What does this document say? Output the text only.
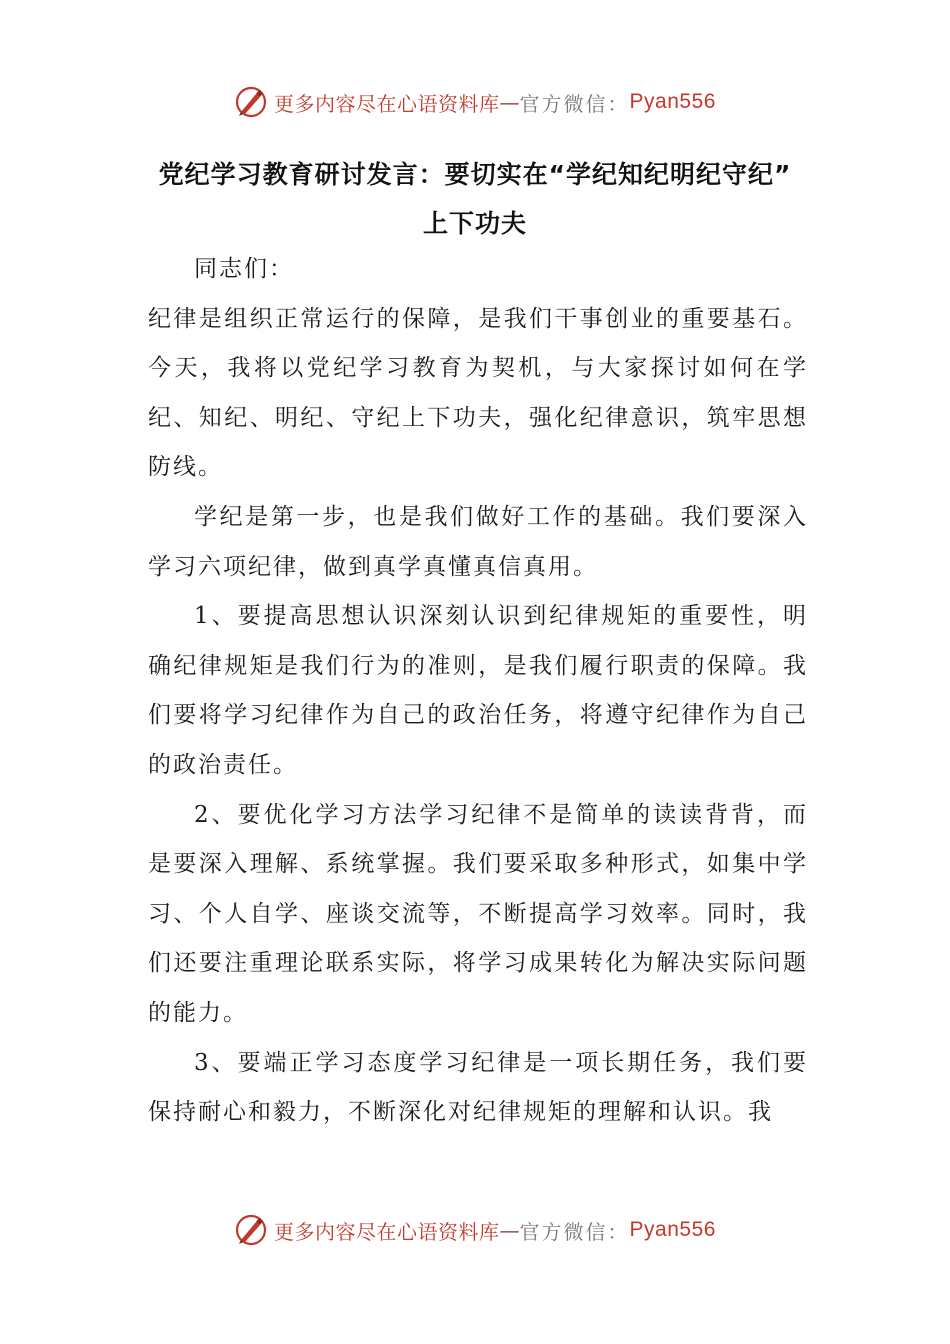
更多内容尽在心语资料库 — 官方微信： Pyan556
党纪学习教育研讨发言：要切实在“学纪知纪明纪守纪”
上下功夫

同志们：

纪律是组织正常运行的保障，是我们干事创业的重要基石。今天，我将以党纪学习教育为契机，与大家探讨如何在学纪、知纪、明纪、守纪上下功夫，强化纪律意识，筑牢思想防线。

学纪是第一步，也是我们做好工作的基础。我们要深入学习六项纪律，做到真学真懂真信真用。

1、要提高思想认识深刻认识到纪律规矩的重要性，明确纪律规矩是我们行为的准则，是我们履行职责的保障。我们要将学习纪律作为自己的政治任务，将遵守纪律作为自己的政治责任。

2、要优化学习方法学习纪律不是简单的读读背背，而是要深入理解、系统掌握。我们要采取多种形式，如集中学习、个人自学、座谈交流等，不断提高学习效率。同时，我们还要注重理论联系实际，将学习成果转化为解决实际问题的能力。

3、要端正学习态度学习纪律是一项长期任务，我们要保持耐心和毅力，不断深化对纪律规矩的理解和认识。我

更多内容尽在心语资料库 — 官方微信： Pyan556
